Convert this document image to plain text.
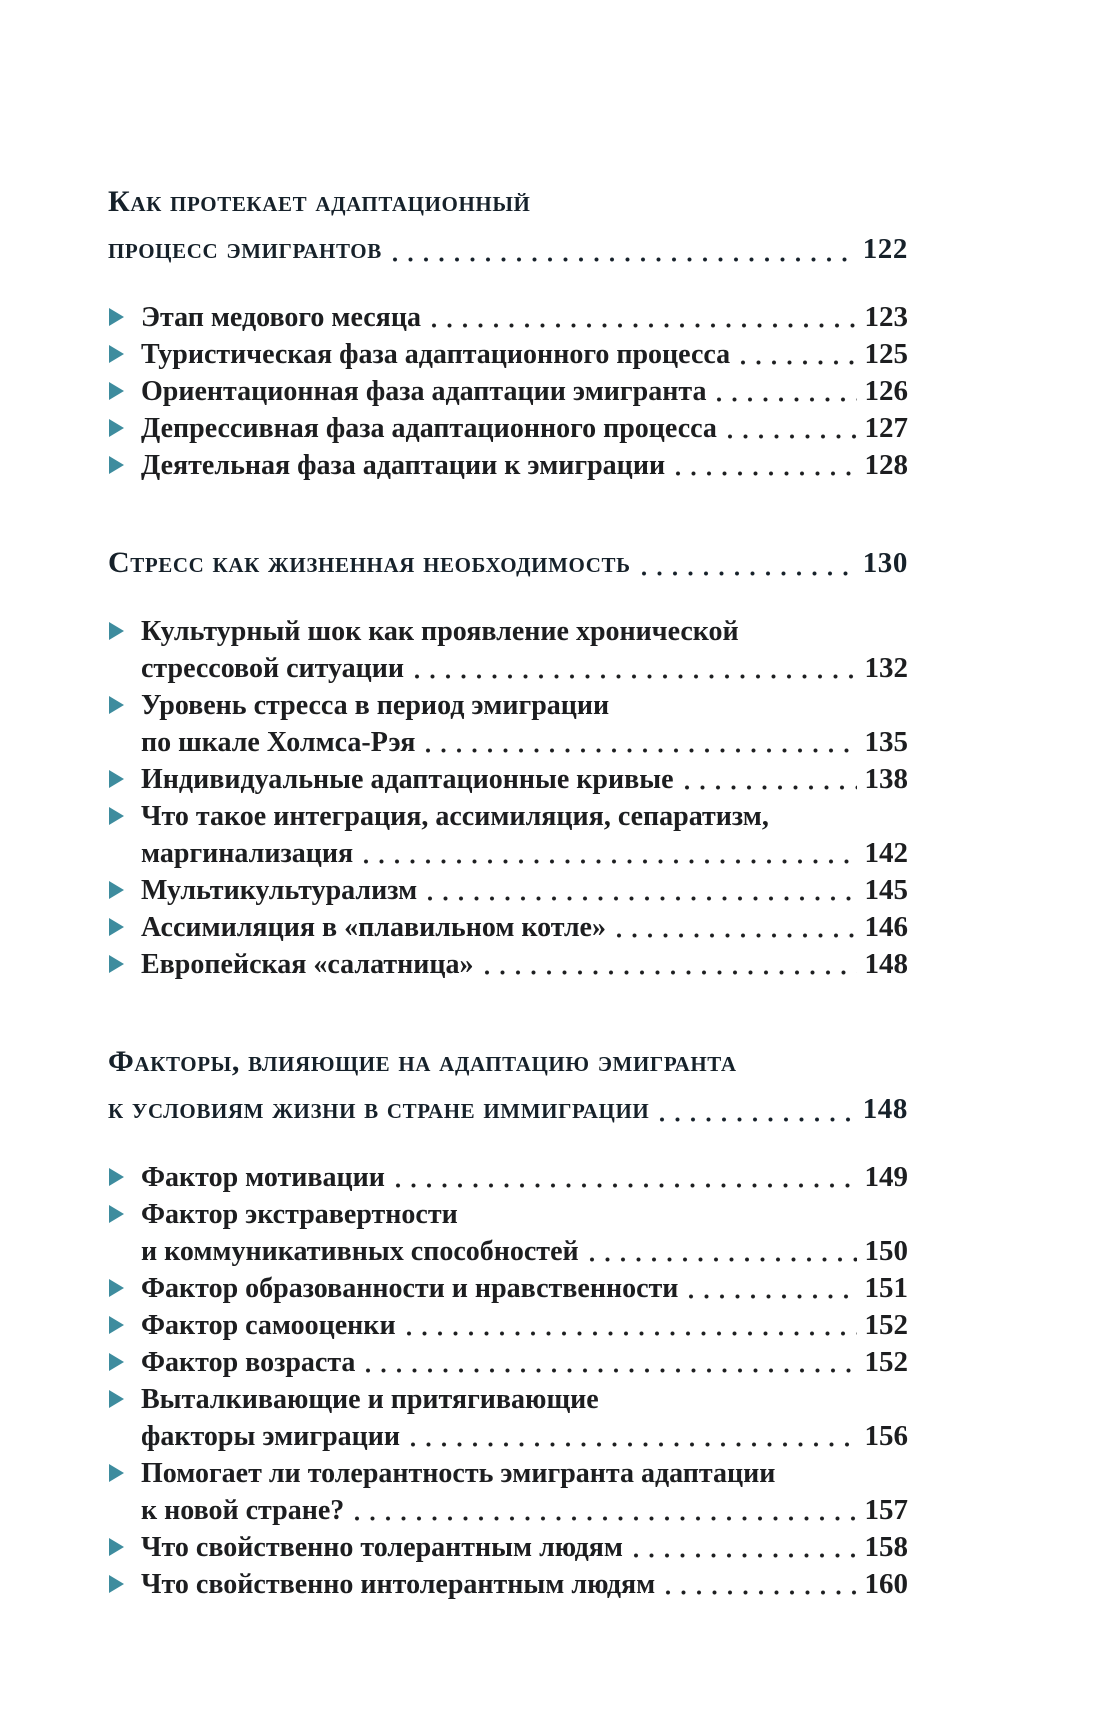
Как протекает адаптационный
процесс эмигрантов	122
Этап медового месяца	123
Туристическая фаза адаптационного процесса	125
Ориентационная фаза адаптации эмигранта	126
Депрессивная фаза адаптационного процесса	127
Деятельная фаза адаптации к эмиграции	128
Стресс как жизненная необходимость	130
Культурный шок как проявление хронической
стрессовой ситуации	132
Уровень стресса в период эмиграции
по шкале Холмса-Рэя	135
Индивидуальные адаптационные кривые	138
Что такое интеграция, ассимиляция, сепаратизм,
маргинализация	142
Мультикультурализм	145
Ассимиляция в «плавильном котле»	146
Европейская «салатница»	148
Факторы, влияющие на адаптацию эмигранта
к условиям жизни в стране иммиграции	148
Фактор мотивации	149
Фактор экстравертности
и коммуникативных способностей	150
Фактор образованности и нравственности	151
Фактор самооценки	152
Фактор возраста	152
Выталкивающие и притягивающие
факторы эмиграции	156
Помогает ли толерантность эмигранта адаптации
к новой стране?	157
Что свойственно толерантным людям	158
Что свойственно интолерантным людям	160
